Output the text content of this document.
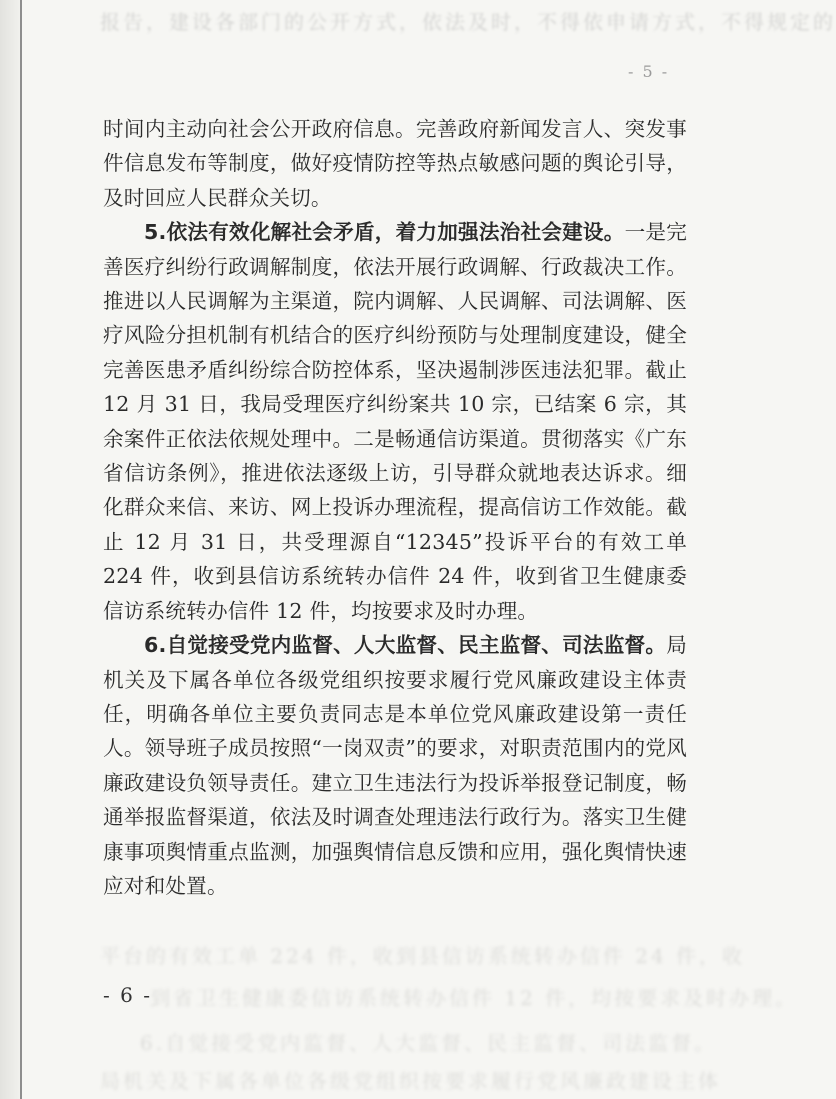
报告，建设各部门的公开方式，依法及时，不得依申请方式，不得规定的
- 5 -
平台的有效工单 224 件，收到县信访系统转办信件 24 件，收
到省卫生健康委信访系统转办信件 12 件，均按要求及时办理。
6.自觉接受党内监督、人大监督、民主监督、司法监督。
局机关及下属各单位各级党组织按要求履行党风廉政建设主体

时间内主动向社会公开政府信息。完善政府新闻发言人、突发事件信息发布等制度，做好疫情防控等热点敏感问题的舆论引导，及时回应人民群众关切。

5.依法有效化解社会矛盾，着力加强法治社会建设。一是完善医疗纠纷行政调解制度，依法开展行政调解、行政裁决工作。推进以人民调解为主渠道，院内调解、人民调解、司法调解、医疗风险分担机制有机结合的医疗纠纷预防与处理制度建设，健全完善医患矛盾纠纷综合防控体系，坚决遏制涉医违法犯罪。截止 12 月 31 日，我局受理医疗纠纷案共 10 宗，已结案 6 宗，其余案件正依法依规处理中。二是畅通信访渠道。贯彻落实《广东省信访条例》，推进依法逐级上访，引导群众就地表达诉求。细化群众来信、来访、网上投诉办理流程，提高信访工作效能。截止 12 月 31 日，共受理源自“12345”投诉平台的有效工单 224 件，收到县信访系统转办信件 24 件，收到省卫生健康委信访系统转办信件 12 件，均按要求及时办理。

6.自觉接受党内监督、人大监督、民主监督、司法监督。局机关及下属各单位各级党组织按要求履行党风廉政建设主体责任，明确各单位主要负责同志是本单位党风廉政建设第一责任人。领导班子成员按照“一岗双责”的要求，对职责范围内的党风廉政建设负领导责任。建立卫生违法行为投诉举报登记制度，畅通举报监督渠道，依法及时调查处理违法行政行为。落实卫生健康事项舆情重点监测，加强舆情信息反馈和应用，强化舆情快速应对和处置。

- 6 -
